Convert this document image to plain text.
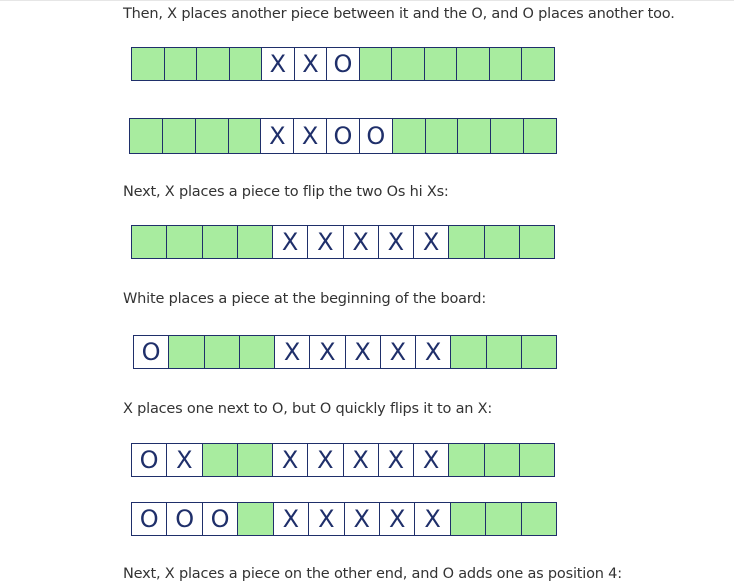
Then, X places another piece between it and the O, and O places another too.

X X O
X X O O

Next, X places a piece to flip the two Os hi Xs:

X X X X X

White places a piece at the beginning of the board:

O	X X X X X

X places one next to O, but O quickly flips it to an X:

O X	X X X X X
O O O	X X X X X

Next, X places a piece on the other end, and O adds one as position 4:
